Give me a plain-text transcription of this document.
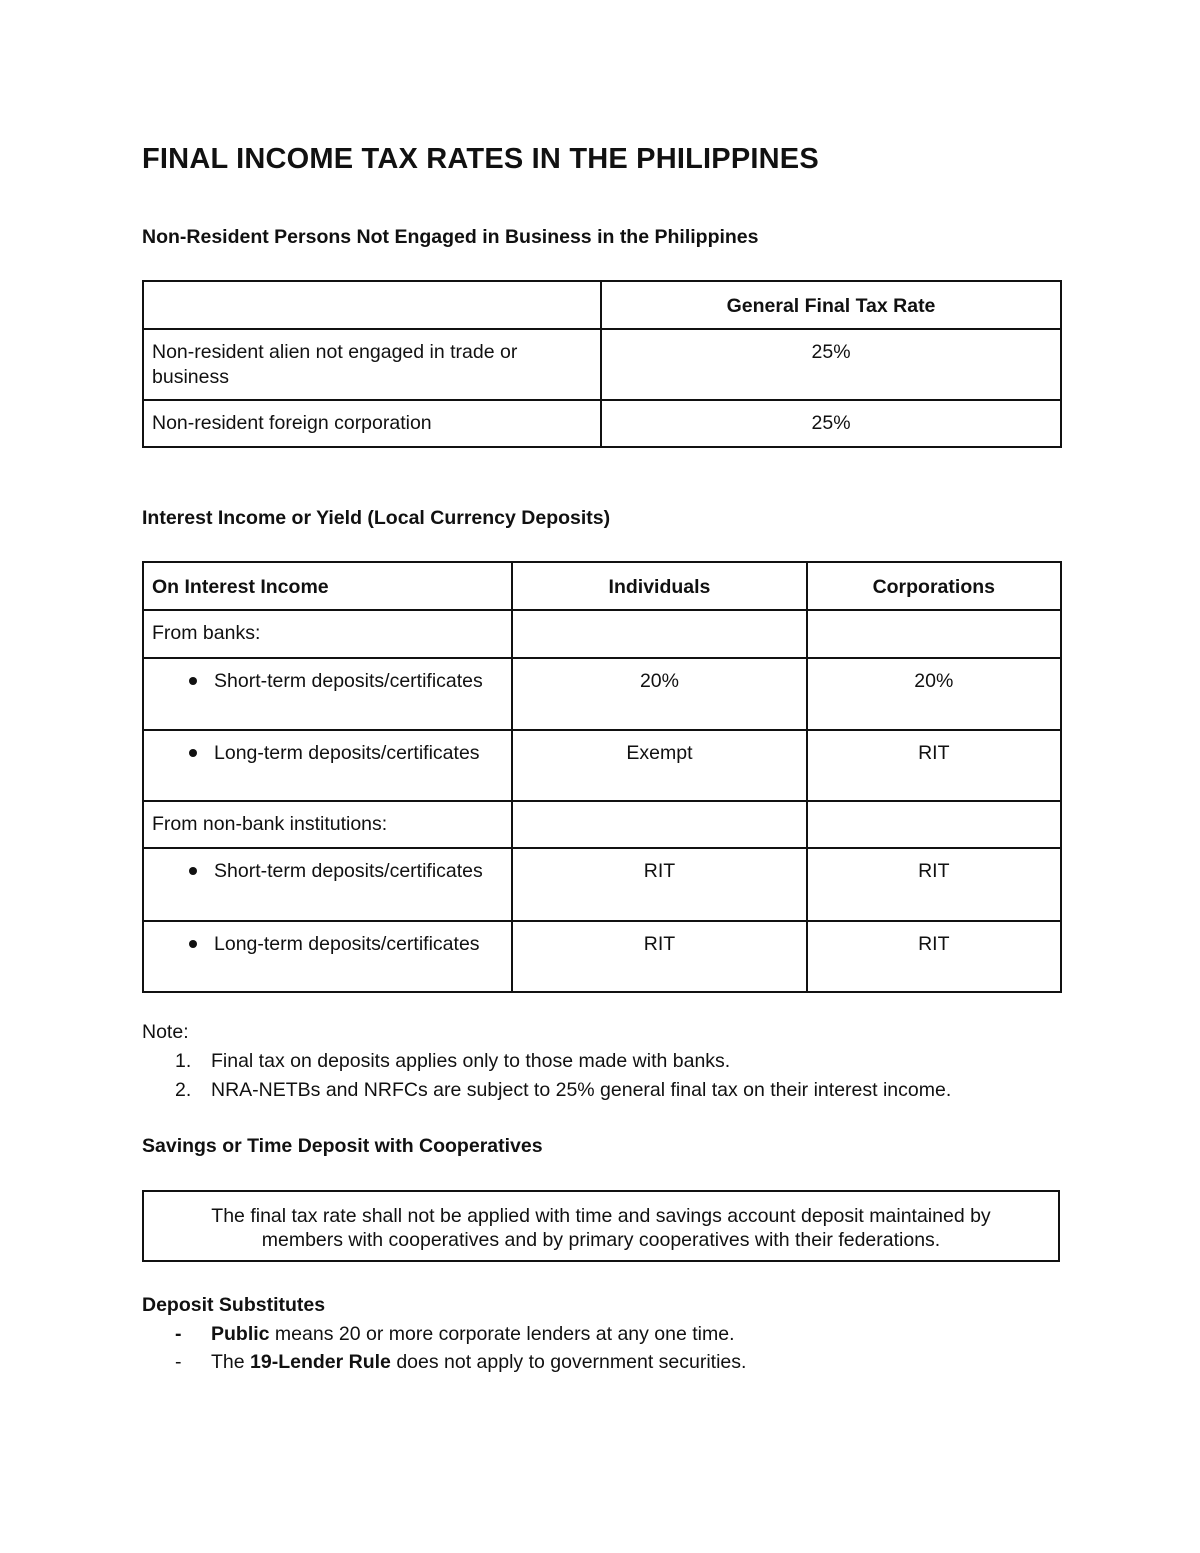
FINAL INCOME TAX RATES IN THE PHILIPPINES
Non-Resident Persons Not Engaged in Business in the Philippines
	General Final Tax Rate
Non-resident alien not engaged in trade or business	25%
Non-resident foreign corporation	25%
Interest Income or Yield (Local Currency Deposits)
On Interest Income	Individuals	Corporations
From banks:		

Short-term deposits/certificates	20%	20%

Long-term deposits/certificates	Exempt	RIT
From non-bank institutions:		

Short-term deposits/certificates	RIT	RIT

Long-term deposits/certificates	RIT	RIT
Note:
1. Final tax on deposits applies only to those made with banks.
2. NRA-NETBs and NRFCs are subject to 25% general final tax on their interest income.
Savings or Time Deposit with Cooperatives
The final tax rate shall not be applied with time and savings account deposit maintained by
members with cooperatives and by primary cooperatives with their federations.
Deposit Substitutes
- Public means 20 or more corporate lenders at any one time.
- The 19-Lender Rule does not apply to government securities.
